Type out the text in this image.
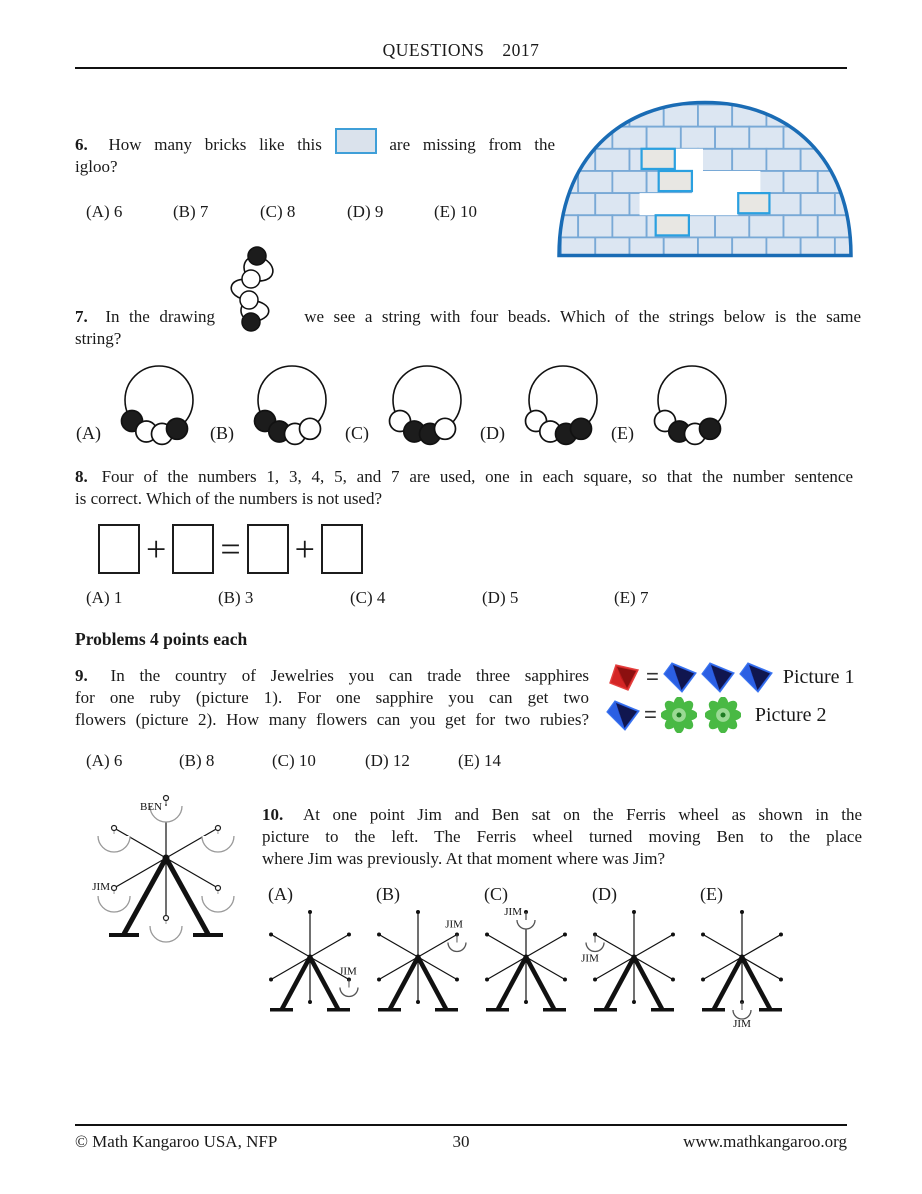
QUESTIONS 2017
6. How many bricks like this	are missing from the
igloo?
(A) 6	(B) 7	(C) 8	(D) 9	(E) 10
7. In the drawing	we see a string with four beads. Which of the strings below is the same
string?
(A)	(B)	(C)	(D)	(E)
8. Four of the numbers 1, 3, 4, 5, and 7 are used, one in each square, so that the number sentence
is correct. Which of the numbers is not used?
+ = +
(A) 1	(B) 3	(C) 4	(D) 5	(E) 7
Problems 4 points each
9. In the country of Jewelries you can trade three sapphires
for one ruby (picture 1). For one sapphire you can get two
flowers (picture 2). How many flowers can you get for two rubies?
=	Picture 1
=	Picture 2
(A) 6	(B) 8	(C) 10	(D) 12	(E) 14
BEN
JIM
10. At one point Jim and Ben sat on the Ferris wheel as shown in the
picture to the left. The Ferris wheel turned moving Ben to the place
where Jim was previously. At that moment where was Jim?
(A)
JIM
(B)
JIM
(C)
JIM
(D)
JIM
(E)
JIM
© Math Kangaroo USA, NFP	30	www.mathkangaroo.org
